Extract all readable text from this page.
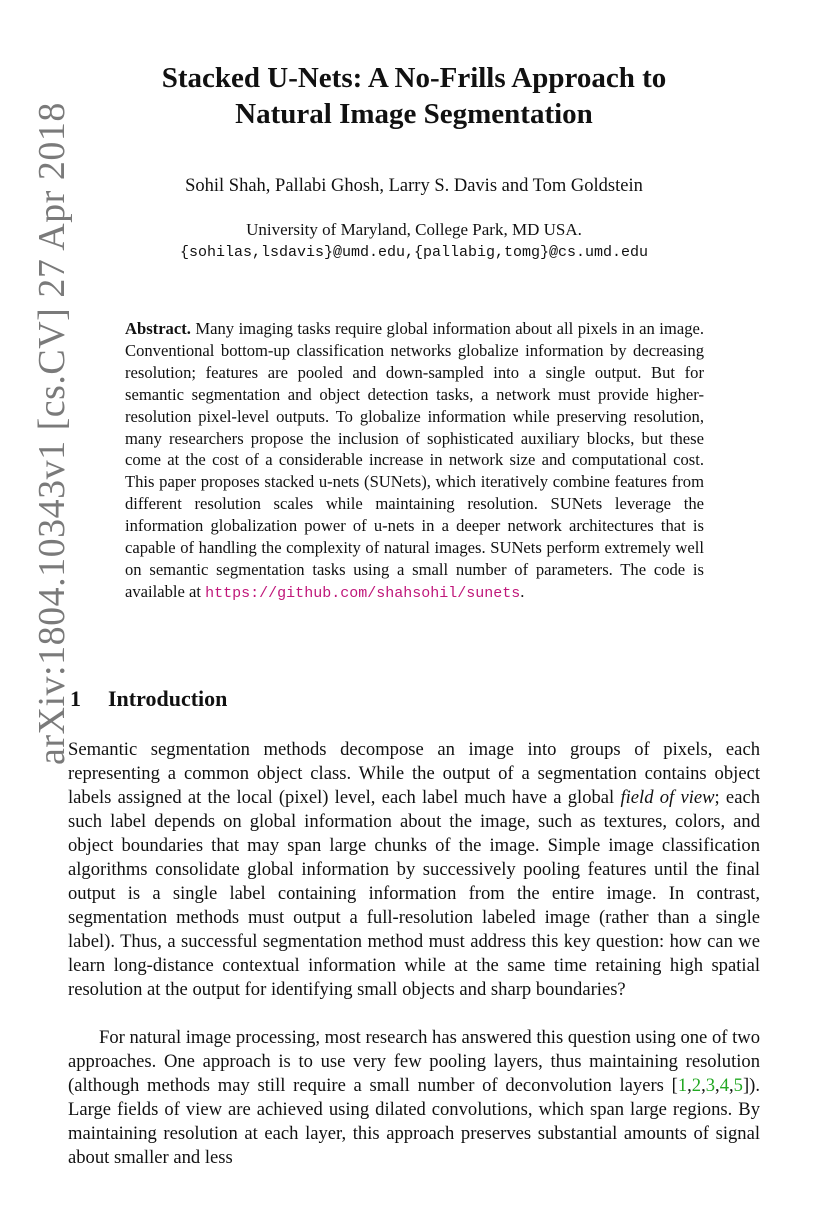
arXiv:1804.10343v1 [cs.CV] 27 Apr 2018
Stacked U-Nets: A No-Frills Approach to
Natural Image Segmentation
Sohil Shah, Pallabi Ghosh, Larry S. Davis and Tom Goldstein
University of Maryland, College Park, MD USA.
{sohilas,lsdavis}@umd.edu,{pallabig,tomg}@cs.umd.edu

Abstract. Many imaging tasks require global information about all pixels in an image. Conventional bottom-up classification networks globalize information by decreasing resolution; features are pooled and down-sampled into a single output. But for semantic segmentation and object detection tasks, a network must provide higher-resolution pixel-level outputs. To globalize information while preserving resolution, many researchers propose the inclusion of sophisticated auxiliary blocks, but these come at the cost of a considerable increase in network size and computational cost. This paper proposes stacked u-nets (SUNets), which iteratively combine features from different resolution scales while maintaining resolution. SUNets leverage the information globalization power of u-nets in a deeper network architectures that is capable of handling the complexity of natural images. SUNets perform extremely well on semantic segmentation tasks using a small number of parameters. The code is available at https://github.com/shahsohil/sunets.

1 Introduction

Semantic segmentation methods decompose an image into groups of pixels, each representing a common object class. While the output of a segmentation contains object labels assigned at the local (pixel) level, each label much have a global field of view; each such label depends on global information about the image, such as textures, colors, and object boundaries that may span large chunks of the image. Simple image classification algorithms consolidate global information by successively pooling features until the final output is a single label containing information from the entire image. In contrast, segmentation methods must output a full-resolution labeled image (rather than a single label). Thus, a successful segmentation method must address this key question: how can we learn long-distance contextual information while at the same time retaining high spatial resolution at the output for identifying small objects and sharp boundaries?

For natural image processing, most research has answered this question using one of two approaches. One approach is to use very few pooling layers, thus maintaining resolution (although methods may still require a small number of deconvolution layers [1,2,3,4,5]). Large fields of view are achieved using dilated convolutions, which span large regions. By maintaining resolution at each layer, this approach preserves substantial amounts of signal about smaller and less
